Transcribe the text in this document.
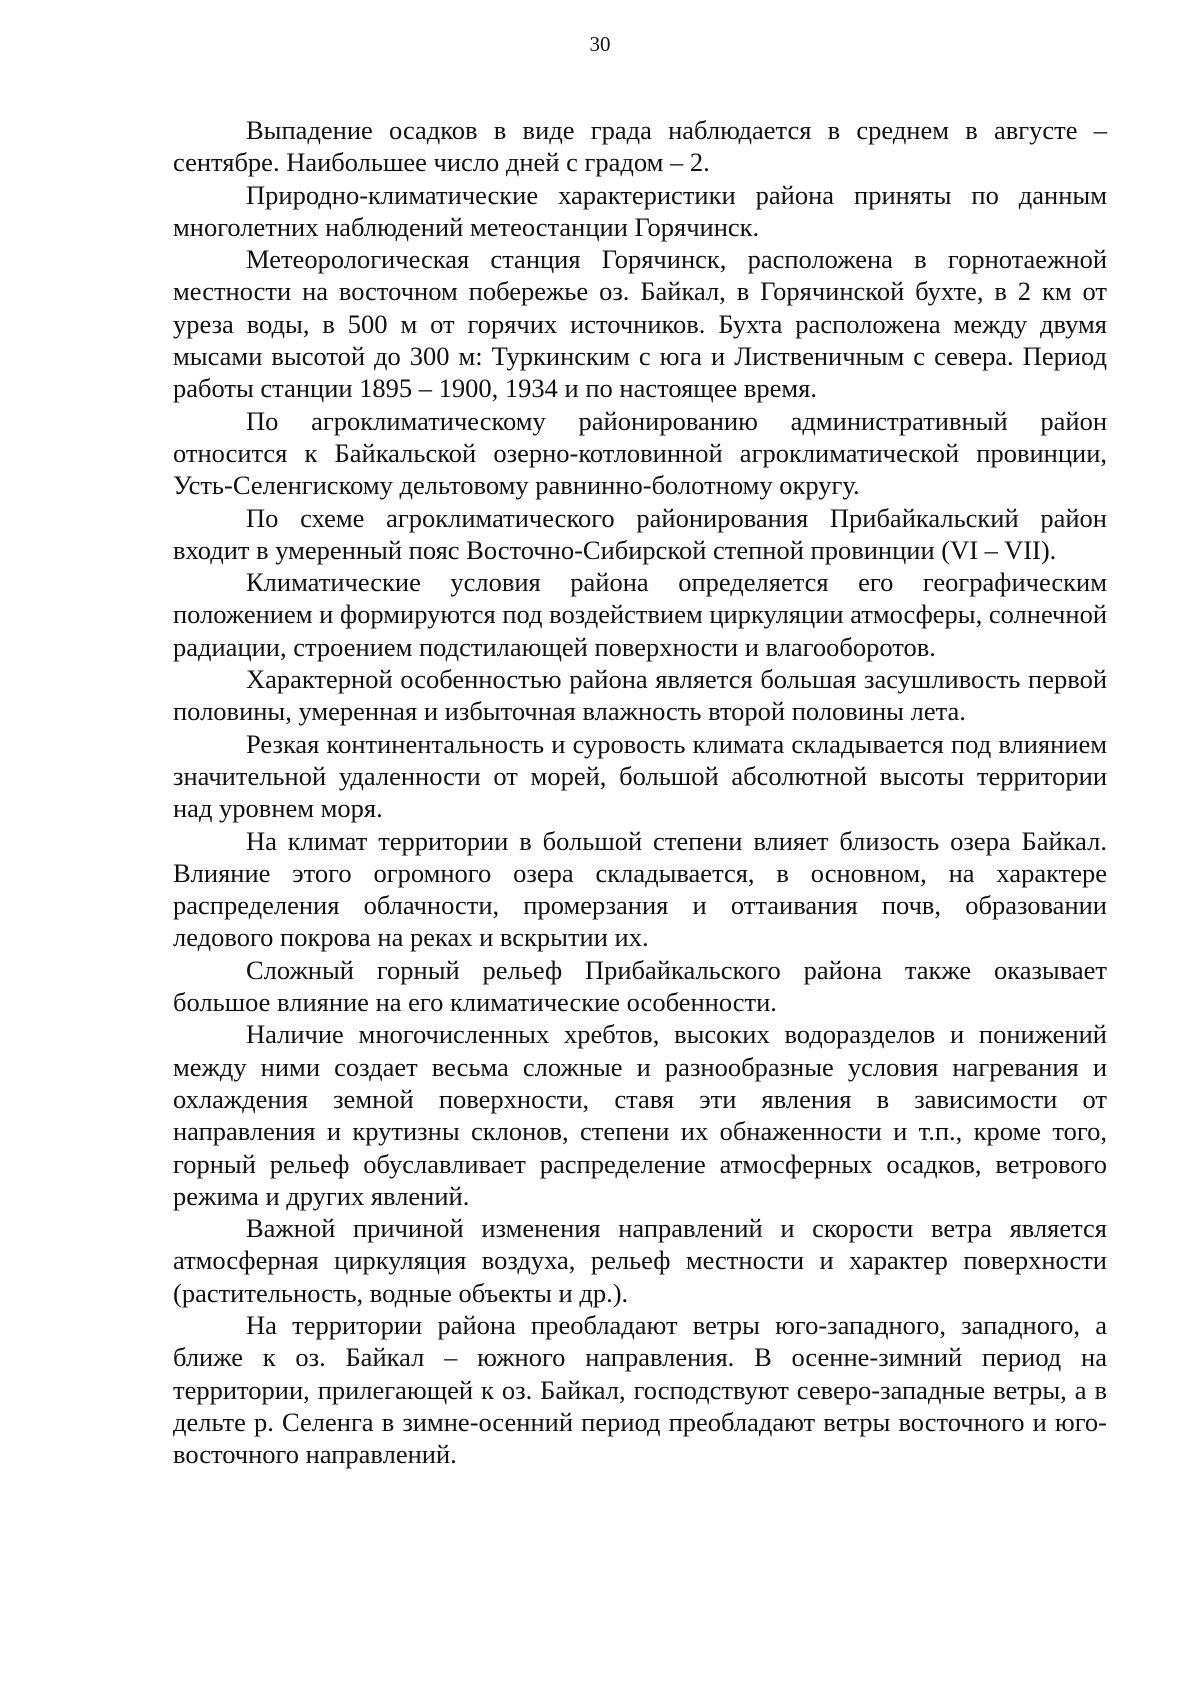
30

Выпадение осадков в виде града наблюдается в среднем в августе – сентябре. Наибольшее число дней с градом – 2.

Природно-климатические характеристики района приняты по данным многолетних наблюдений метеостанции Горячинск.

Метеорологическая станция Горячинск, расположена в горнотаежной местности на восточном побережье оз. Байкал, в Горячинской бухте, в 2 км от уреза воды, в 500 м от горячих источников. Бухта расположена между двумя мысами высотой до 300 м: Туркинским с юга и Лиственичным с севера. Период работы станции 1895 – 1900, 1934 и по настоящее время.

По агроклиматическому районированию административный район относится к Байкальской озерно-котловинной агроклиматической провинции, Усть-Селенгиcкому дельтовому равнинно-болотному округу.

По схеме агроклиматического районирования Прибайкальский район входит в умеренный пояс Восточно-Сибирской степной провинции (VI – VII).

Климатические условия района определяется его географическим положением и формируются под воздействием циркуляции атмосферы, солнечной радиации, строением подстилающей поверхности и влагооборотов.

Характерной особенностью района является большая засушливость первой половины, умеренная и избыточная влажность второй половины лета.

Резкая континентальность и суровость климата складывается под влиянием значительной удаленности от морей, большой абсолютной высоты территории над уровнем моря.

На климат территории в большой степени влияет близость озера Байкал. Влияние этого огромного озера складывается, в основном, на характере распределения облачности, промерзания и оттаивания почв, образовании ледового покрова на реках и вскрытии их.

Сложный горный рельеф Прибайкальского района также оказывает большое влияние на его климатические особенности.

Наличие многочисленных хребтов, высоких водоразделов и понижений между ними создает весьма сложные и разнообразные условия нагревания и охлаждения земной поверхности, ставя эти явления в зависимости от направления и крутизны склонов, степени их обнаженности и т.п., кроме того, горный рельеф обуславливает распределение атмосферных осадков, ветрового режима и других явлений.

Важной причиной изменения направлений и скорости ветра является атмосферная циркуляция воздуха, рельеф местности и характер поверхности (растительность, водные объекты и др.).

На территории района преобладают ветры юго-западного, западного, а ближе к оз. Байкал – южного направления. В осенне-зимний период на территории, прилегающей к оз. Байкал, господствуют северо-западные ветры, а в дельте р. Селенга в зимне-осенний период преобладают ветры восточного и юго-восточного направлений.
